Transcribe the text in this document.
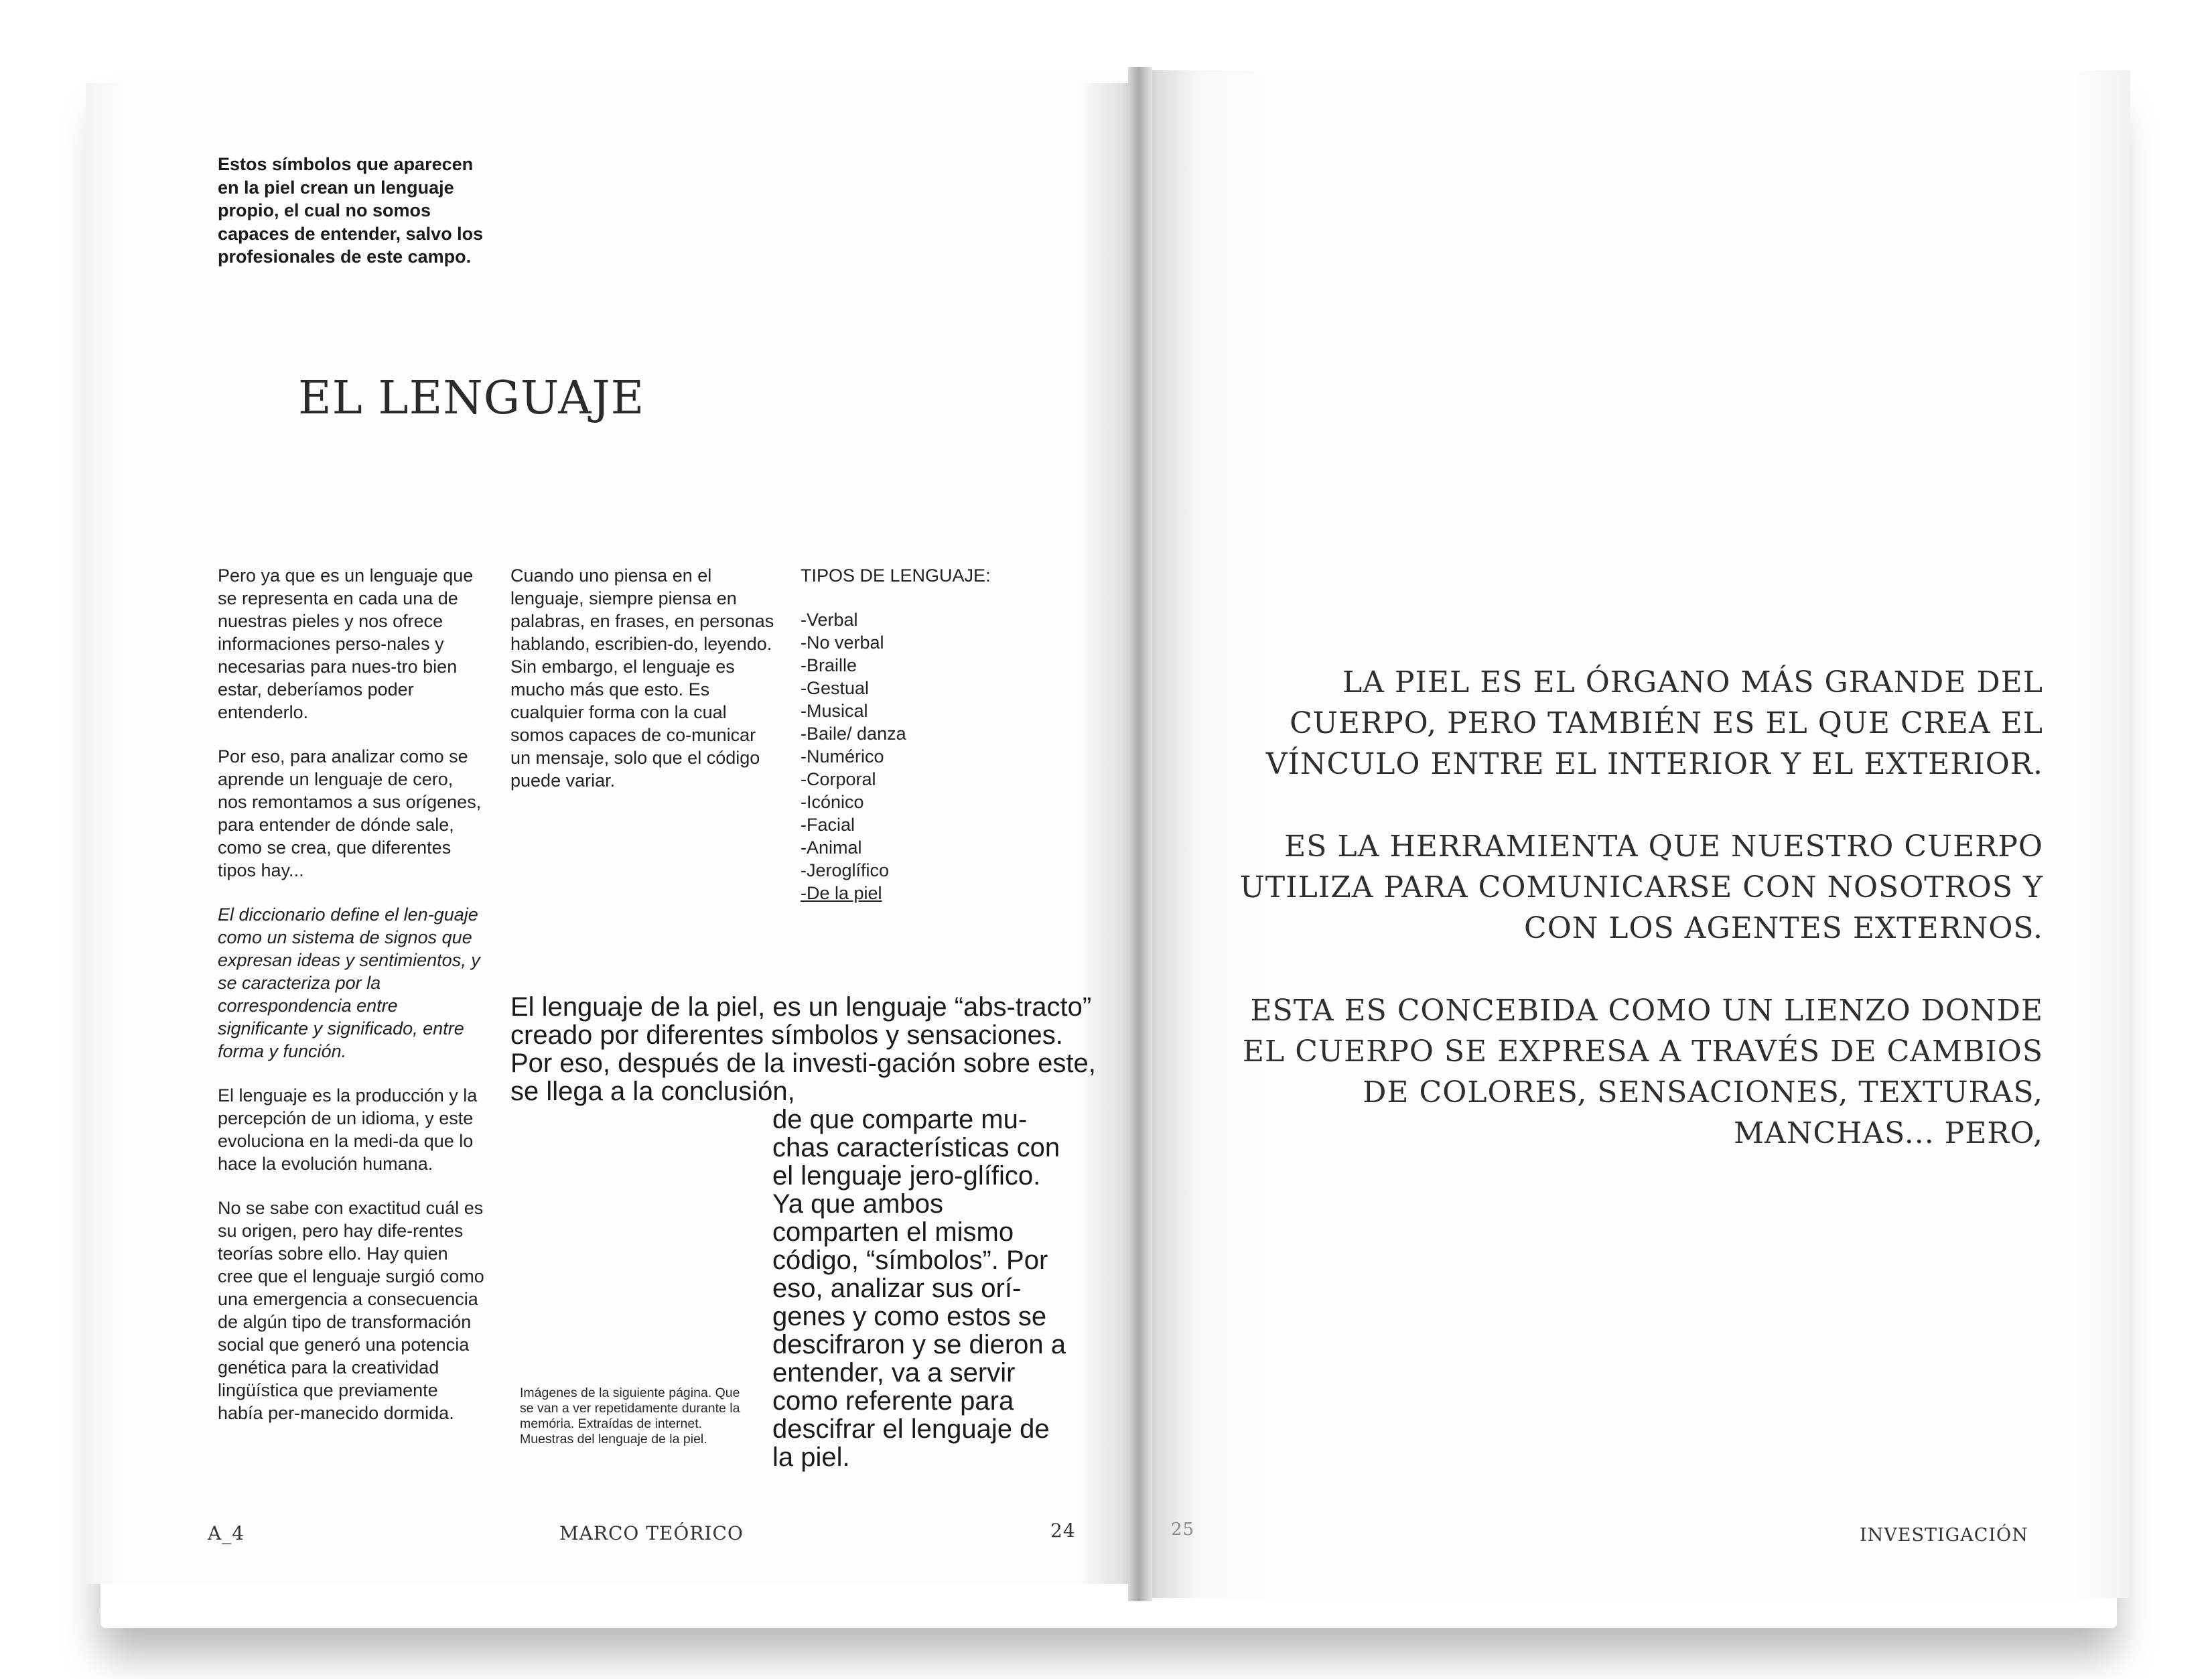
Estos símbolos que aparecen en la piel crean un lenguaje propio, el cual no somos capaces de entender, salvo los profesionales de este campo.
EL LENGUAJE

Pero ya que es un lenguaje que se representa en cada una de nuestras pieles y nos ofrece informaciones perso-nales y necesarias para nues-tro bien estar, deberíamos poder entenderlo.

Por eso, para analizar como se aprende un lenguaje de cero, nos remontamos a sus orígenes, para entender de dónde sale, como se crea, que diferentes tipos hay...

El diccionario define el len-guaje como un sistema de signos que expresan ideas y sentimientos, y se caracteriza por la correspondencia entre significante y significado, entre forma y función.

El lenguaje es la producción y la percepción de un idioma, y este evoluciona en la medi-da que lo hace la evolución humana.

No se sabe con exactitud cuál es su origen, pero hay dife-rentes teorías sobre ello. Hay quien cree que el lenguaje surgió como una emergencia a consecuencia de algún tipo de transformación social que generó una potencia genética para la creatividad lingüística que previamente había per-manecido dormida.

Cuando uno piensa en el lenguaje, siempre piensa en palabras, en frases, en personas hablando, escribien-do, leyendo. Sin embargo, el lenguaje es mucho más que esto. Es cualquier forma con la cual somos capaces de co-municar un mensaje, solo que el código puede variar.

TIPOS DE LENGUAJE:

-Verbal
-No verbal
-Braille
-Gestual
-Musical
-Baile/ danza
-Numérico
-Corporal
-Icónico
-Facial
-Animal
-Jeroglífico
-De la piel
El lenguaje de la piel, es un lenguaje “abs-tracto” creado por diferentes símbolos y sensaciones. Por eso, después de la investi-gación sobre este, se llega a la conclusión,
de que comparte mu-chas características con el lenguaje jero-glífico. Ya que ambos comparten el mismo código, “símbolos”. Por eso, analizar sus orí-genes y como estos se descifraron y se dieron a entender, va a servir como referente para descifrar el lenguaje de la piel.
Imágenes de la siguiente página. Que se van a ver repetidamente durante la memória. Extraídas de internet. Muestras del lenguaje de la piel.
A_4	MARCO TEÓRICO	24

LA PIEL ES EL ÓRGANO MÁS GRANDE DEL CUERPO, PERO TAMBIÉN ES EL QUE CREA EL VÍNCULO ENTRE EL INTERIOR Y EL EXTERIOR.

ES LA HERRAMIENTA QUE NUESTRO CUERPO UTILIZA PARA COMUNICARSE CON NOSOTROS Y CON LOS AGENTES EXTERNOS.

ESTA ES CONCEBIDA COMO UN LIENZO DONDE EL CUERPO SE EXPRESA A TRAVÉS DE CAMBIOS DE COLORES, SENSACIONES, TEXTURAS, MANCHAS... PERO,

25	INVESTIGACIÓN
